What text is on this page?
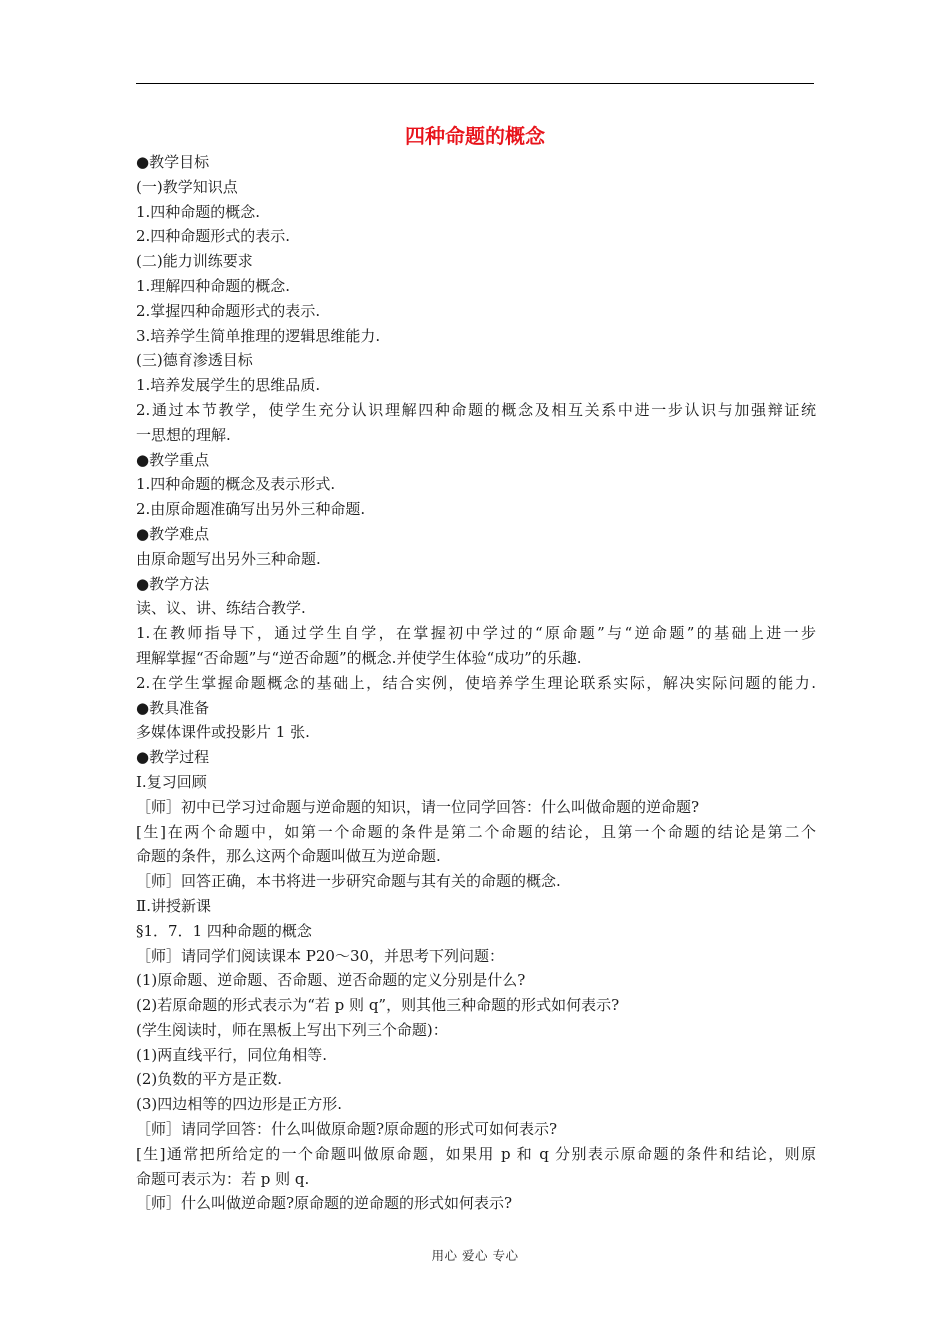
四种命题的概念
●教学目标
(一)教学知识点
1.四种命题的概念.
2.四种命题形式的表示.
(二)能力训练要求
1.理解四种命题的概念.
2.掌握四种命题形式的表示.
3.培养学生简单推理的逻辑思维能力.
(三)德育渗透目标
1.培养发展学生的思维品质.
2.通过本节教学，使学生充分认识理解四种命题的概念及相互关系中进一步认识与加强辩证统
一思想的理解.
●教学重点
1.四种命题的概念及表示形式.
2.由原命题准确写出另外三种命题.
●教学难点
由原命题写出另外三种命题.
●教学方法
读、议、讲、练结合教学.
1.在教师指导下，通过学生自学，在掌握初中学过的“原命题”与“逆命题”的基础上进一步
理解掌握“否命题”与“逆否命题”的概念.并使学生体验“成功”的乐趣.
2.在学生掌握命题概念的基础上，结合实例，使培养学生理论联系实际，解决实际问题的能力.
●教具准备
多媒体课件或投影片 1 张.
●教学过程
Ⅰ.复习回顾
［师］初中已学习过命题与逆命题的知识，请一位同学回答：什么叫做命题的逆命题?
[生]在两个命题中，如第一个命题的条件是第二个命题的结论，且第一个命题的结论是第二个
命题的条件，那么这两个命题叫做互为逆命题.
［师］回答正确，本书将进一步研究命题与其有关的命题的概念.
Ⅱ.讲授新课
§1．7．1 四种命题的概念
［师］请同学们阅读课本 P20～30，并思考下列问题：
(1)原命题、逆命题、否命题、逆否命题的定义分别是什么?
(2)若原命题的形式表示为“若 p 则 q”，则其他三种命题的形式如何表示?
(学生阅读时，师在黑板上写出下列三个命题)：
(1)两直线平行，同位角相等.
(2)负数的平方是正数.
(3)四边相等的四边形是正方形.
［师］请同学回答：什么叫做原命题?原命题的形式可如何表示?
[生]通常把所给定的一个命题叫做原命题，如果用 p 和 q 分别表示原命题的条件和结论，则原
命题可表示为：若 p 则 q.
［师］什么叫做逆命题?原命题的逆命题的形式如何表示?
用心 爱心 专心
